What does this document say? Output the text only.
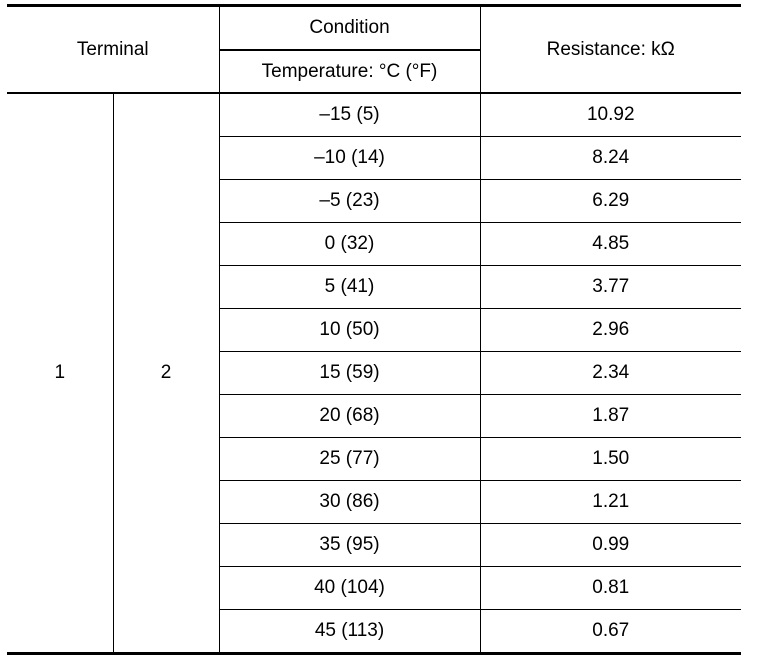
Terminal		Condition	Resistance: kΩ
		Temperature: °C (°F)	
1	2	–15 (5)	10.92
		–10 (14)	8.24
		–5 (23)	6.29
		0 (32)	4.85
		5 (41)	3.77
		10 (50)	2.96
		15 (59)	2.34
		20 (68)	1.87
		25 (77)	1.50
		30 (86)	1.21
		35 (95)	0.99
		40 (104)	0.81
		45 (113)	0.67
